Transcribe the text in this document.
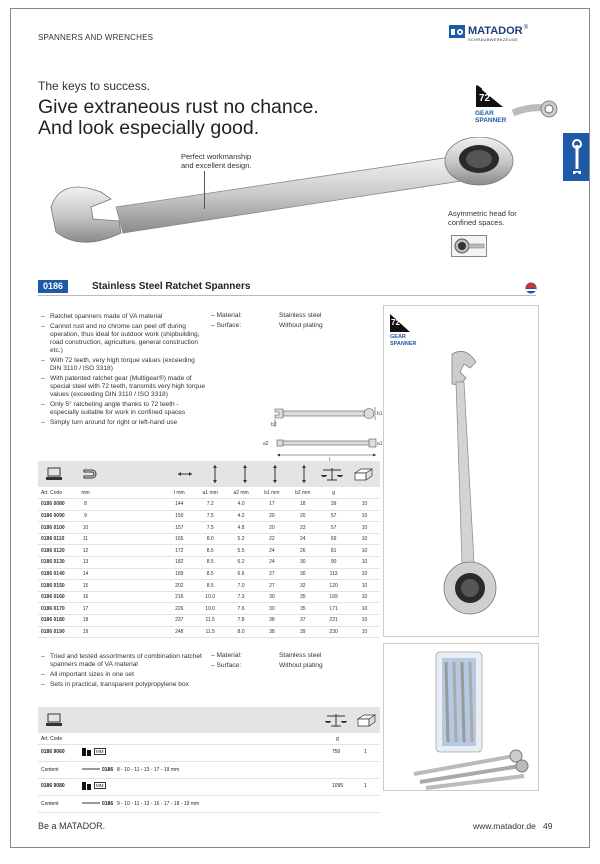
SPANNERS AND WRENCHES
MATADOR ®
SCHRAUBWERKZEUGE
The keys to success.
Give extraneous rust no chance.
And look especially good.
72
GEAR
SPANNER
Perfect workmanship
and excellent design.
Asymmetric head for
confined spaces.
0186	Stainless Steel Ratchet Spanners
– Ratchet spanners made of VA material
– Cannot rust and no chrome can peel off during operation, thus ideal for outdoor work (shipbuilding, road construction, agriculture, general construction etc.)
– With 72 teeth, very high torque values (exceeding DIN 3110 / ISO 3318)
– With patented ratchet gear (Multigear®) made of special steel with 72 teeth, transmits very high torque values (exceeding DIN 3110 / ISO 3318)
– Only 5° ratcheting angle thanks to 72 teeth - especially suitable for work in confined spaces
– Simply turn around for right or left-hand use
– Material:	Stainless steel
– Surface:	Without plating
b2
b1
a2	a1
l
72
GEAR
SPANNER
Art. Code	mm		l mm	a1 mm	a2 mm	b1 mm	b2 mm	g	
0186 0080	8		144	7.2	4.0	17	18	39	10
0186 0090	9		150	7.5	4.2	20	20	57	10
0186 0100	10		157	7.5	4.8	20	23	57	10
0186 0110	11		165	8.0	5.2	22	24	69	10
0186 0120	12		172	8.5	5.5	24	26	81	10
0186 0130	13		182	8.5	6.2	24	30	90	10
0186 0140	14		189	8.5	6.6	27	30	113	10
0186 0150	15		202	8.5	7.0	27	32	120	10
0186 0160	16		216	10.0	7.3	30	35	169	10
0186 0170	17		226	10.0	7.6	30	35	171	10
0186 0180	18		237	11.5	7.8	38	37	221	10
0186 0190	19		248	11.5	8.0	38	39	230	10
– Tried and tested assortments of combination ratchet spanners made of VA material
– All important sizes in one set
– Sets in practical, transparent polypropylene box
– Material:	Stainless steel
– Surface:	Without plating
Art. Code	g
0186 9060	MM	750	1
Content	0186 8 - 10 - 11 - 13 - 17 - 19 mm
0186 9080	MM	1095	1
Content	0186 9 - 10 - 11 - 13 - 16 - 17 - 18 - 19 mm
Be a MATADOR.	www.matador.de 49
